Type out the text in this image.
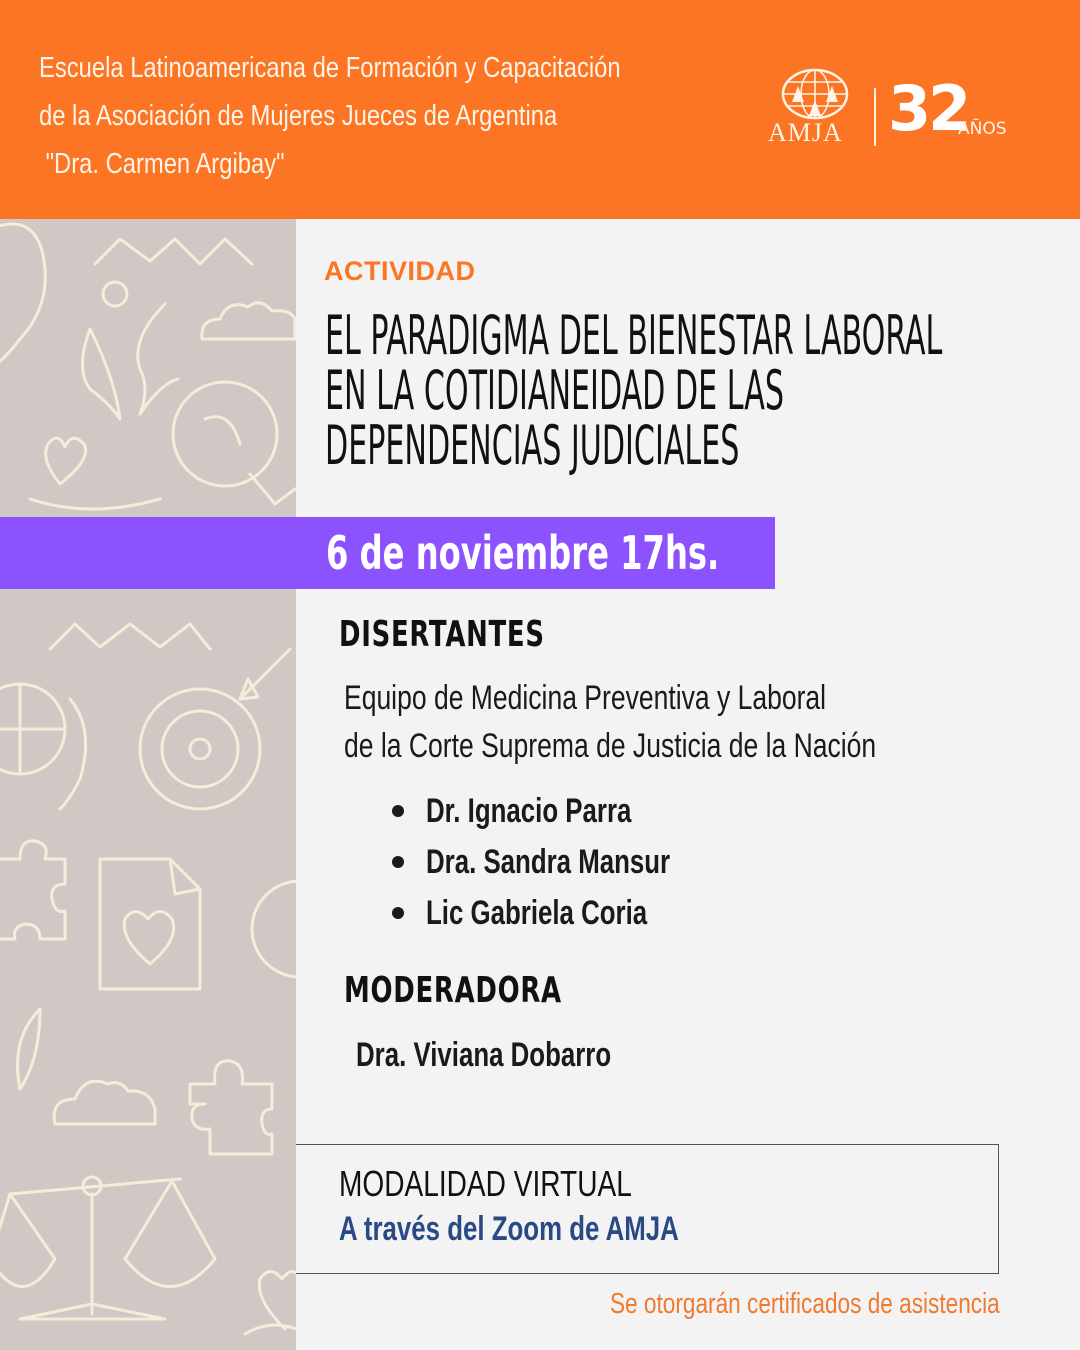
Escuela Latinoamericana de Formación y Capacitación
de la Asociación de Mujeres Jueces de Argentina
"Dra. Carmen Argibay"
AMJA 32
AÑOS
ACTIVIDAD
EL PARADIGMA DEL BIENESTAR LABORAL
EN LA COTIDIANEIDAD DE LAS
DEPENDENCIAS JUDICIALES
6 de noviembre 17hs.
DISERTANTES
Equipo de Medicina Preventiva y Laboral
de la Corte Suprema de Justicia de la Nación
Dr. Ignacio Parra
Dra. Sandra Mansur
Lic Gabriela Coria
MODERADORA
Dra. Viviana Dobarro
MODALIDAD VIRTUAL
A través del Zoom de AMJA
Se otorgarán certificados de asistencia
